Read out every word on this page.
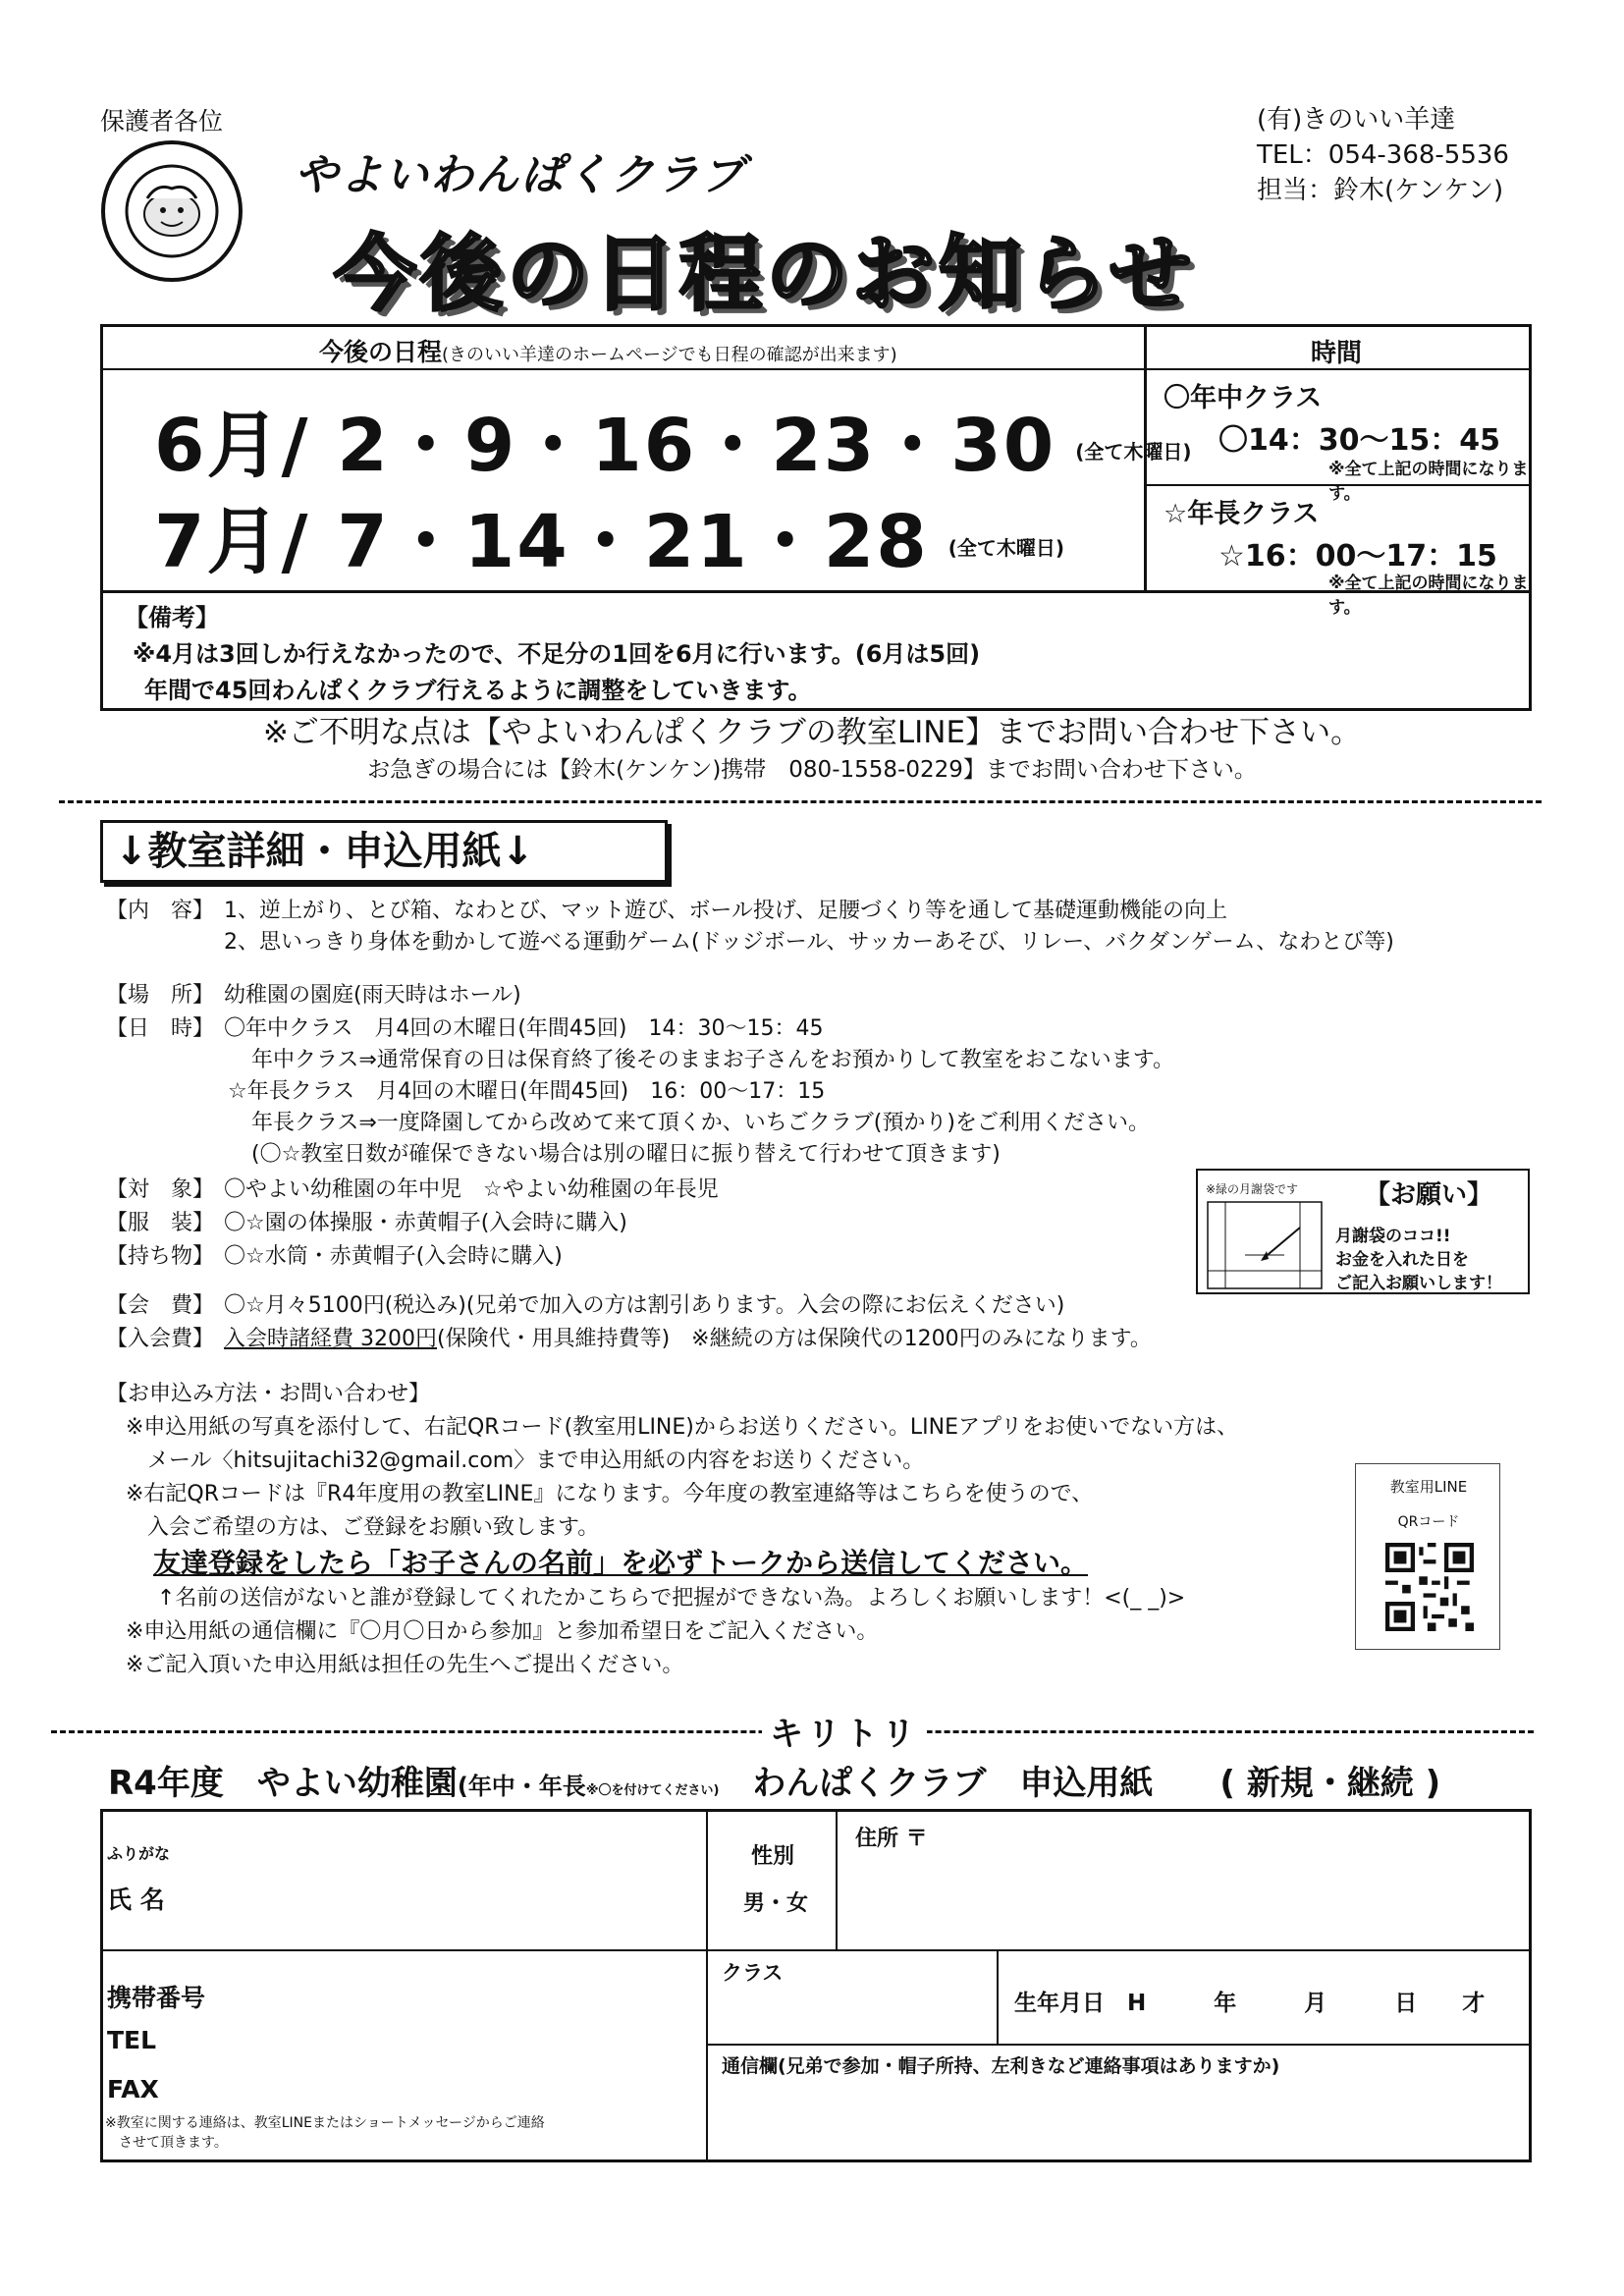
保護者各位
やよいわんぱくクラブ
今後の日程のお知らせ
(有)きのいい羊達
TEL：054-368-5536
担当：鈴木(ケンケン)
今後の日程(きのいい羊達のホームページでも日程の確認が出来ます)	時間
6月/ 2・9・16・23・30 (全て木曜日)
7月/ 7・14・21・28 (全て木曜日)
〇年中クラス
〇14：30～15：45
※全て上記の時間になります。
☆年長クラス
☆16：00～17：15
※全て上記の時間になります。
【備考】
※4月は3回しか行えなかったので、不足分の1回を6月に行います。(6月は5回)
年間で45回わんぱくクラブ行えるように調整をしていきます。
※ご不明な点は【やよいわんぱくクラブの教室LINE】までお問い合わせ下さい。
お急ぎの場合には【鈴木(ケンケン)携帯　080-1558-0229】までお問い合わせ下さい。
↓教室詳細・申込用紙↓
【内　容】 1、逆上がり、とび箱、なわとび、マット遊び、ボール投げ、足腰づくり等を通して基礎運動機能の向上
2、思いっきり身体を動かして遊べる運動ゲーム(ドッジボール、サッカーあそび、リレー、バクダンゲーム、なわとび等)
【場　所】 幼稚園の園庭(雨天時はホール)
【日　時】 〇年中クラス　月4回の木曜日(年間45回)　14：30～15：45
年中クラス⇒通常保育の日は保育終了後そのままお子さんをお預かりして教室をおこないます。
☆年長クラス　月4回の木曜日(年間45回)　16：00～17：15
年長クラス⇒一度降園してから改めて来て頂くか、いちごクラブ(預かり)をご利用ください。
(〇☆教室日数が確保できない場合は別の曜日に振り替えて行わせて頂きます)
【対　象】 〇やよい幼稚園の年中児　☆やよい幼稚園の年長児
【服　装】 〇☆園の体操服・赤黄帽子(入会時に購入)
【持ち物】 〇☆水筒・赤黄帽子(入会時に購入)
【会　費】 〇☆月々5100円(税込み)(兄弟で加入の方は割引あります。入会の際にお伝えください)
【入会費】 入会時諸経費 3200円(保険代・用具維持費等)　※継続の方は保険代の1200円のみになります。
※緑の月謝袋です	【お願い】
月謝袋のココ!!
お金を入れた日を
ご記入お願いします！
【お申込み方法・お問い合わせ】
※申込用紙の写真を添付して、右記QRコード(教室用LINE)からお送りください。LINEアプリをお使いでない方は、
メール〈hitsujitachi32@gmail.com〉まで申込用紙の内容をお送りください。
※右記QRコードは『R4年度用の教室LINE』になります。今年度の教室連絡等はこちらを使うので、
入会ご希望の方は、ご登録をお願い致します。
友達登録をしたら「お子さんの名前」を必ずトークから送信してください。
↑名前の送信がないと誰が登録してくれたかこちらで把握ができない為。よろしくお願いします！<(_ _)>
※申込用紙の通信欄に『〇月〇日から参加』と参加希望日をご記入ください。
※ご記入頂いた申込用紙は担任の先生へご提出ください。
教室用LINE
QRコード
キリトリ
R4年度　やよい幼稚園(年中・年長※〇を付けてください)　 わんぱくクラブ　申込用紙　　 ( 新規・継続 )
ふりがな
氏 名
性別
男・女
住所 〒
携帯番号
TEL
FAX
※教室に関する連絡は、教室LINEまたはショートメッセージからご連絡
させて頂きます。
クラス
生年月日　H　　　年　　　月　　　日　　才
通信欄(兄弟で参加・帽子所持、左利きなど連絡事項はありますか)
